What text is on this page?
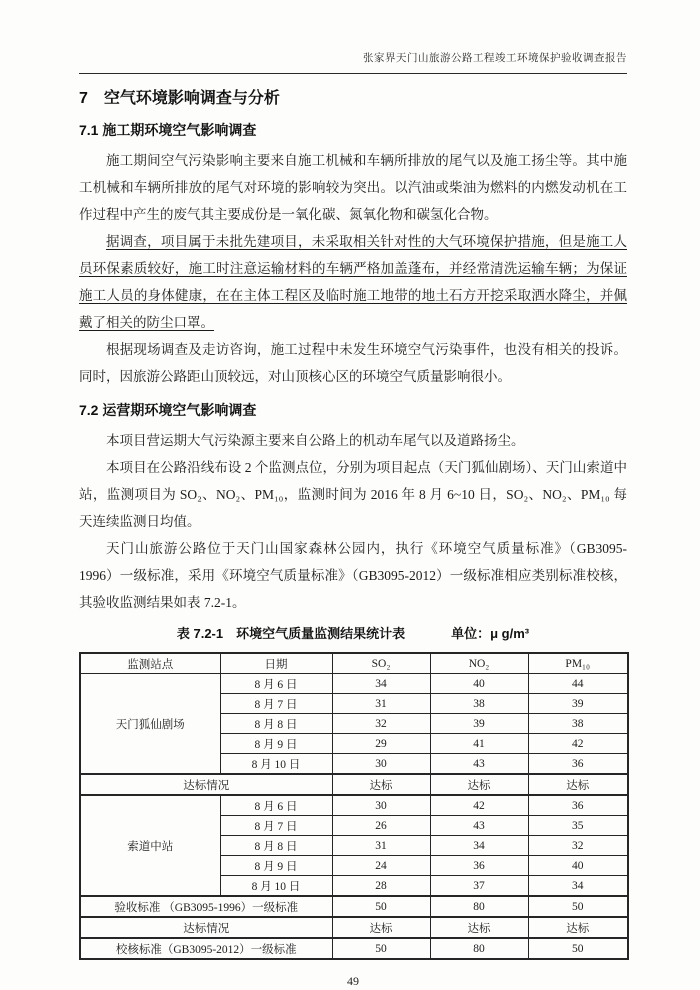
张家界天门山旅游公路工程竣工环境保护验收调查报告
7　空气环境影响调查与分析
7.1 施工期环境空气影响调查

施工期间空气污染影响主要来自施工机械和车辆所排放的尾气以及施工扬尘等。其中施工机械和车辆所排放的尾气对环境的影响较为突出。以汽油或柴油为燃料的内燃发动机在工作过程中产生的废气其主要成份是一氧化碳、氮氧化物和碳氢化合物。

据调查，项目属于未批先建项目，未采取相关针对性的大气环境保护措施，但是施工人员环保素质较好，施工时注意运输材料的车辆严格加盖蓬布，并经常清洗运输车辆；为保证施工人员的身体健康，在在主体工程区及临时施工地带的地土石方开挖采取洒水降尘，并佩戴了相关的防尘口罩。

根据现场调查及走访咨询，施工过程中未发生环境空气污染事件，也没有相关的投诉。同时，因旅游公路距山顶较远，对山顶核心区的环境空气质量影响很小。

7.2 运营期环境空气影响调查

本项目营运期大气污染源主要来自公路上的机动车尾气以及道路扬尘。

本项目在公路沿线布设 2 个监测点位，分别为项目起点（天门狐仙剧场）、天门山索道中站，监测项目为 SO₂、NO₂、PM₁₀，监测时间为 2016 年 8 月 6~10 日，SO₂、NO₂、PM₁₀ 每天连续监测日均值。

天门山旅游公路位于天门山国家森林公园内，执行《环境空气质量标准》（GB3095-1996）一级标准，采用《环境空气质量标准》（GB3095-2012）一级标准相应类别标准校核，其验收监测结果如表 7.2-1。

表 7.2-1　环境空气质量监测结果统计表	单位：μ g/m³
监测站点	日期	SO₂	NO₂	PM₁₀
天门狐仙剧场	8 月 6 日	34	40	44
	8 月 7 日	31	38	39
	8 月 8 日	32	39	38
	8 月 9 日	29	41	42
	8 月 10 日	30	43	36
达标情况		达标	达标	达标
索道中站	8 月 6 日	30	42	36
	8 月 7 日	26	43	35
	8 月 8 日	31	34	32
	8 月 9 日	24	36	40
	8 月 10 日	28	37	34
验收标准 （GB3095-1996）一级标准		50	80	50
达标情况		达标	达标	达标
校核标准（GB3095-2012）一级标准		50	80	50
49
